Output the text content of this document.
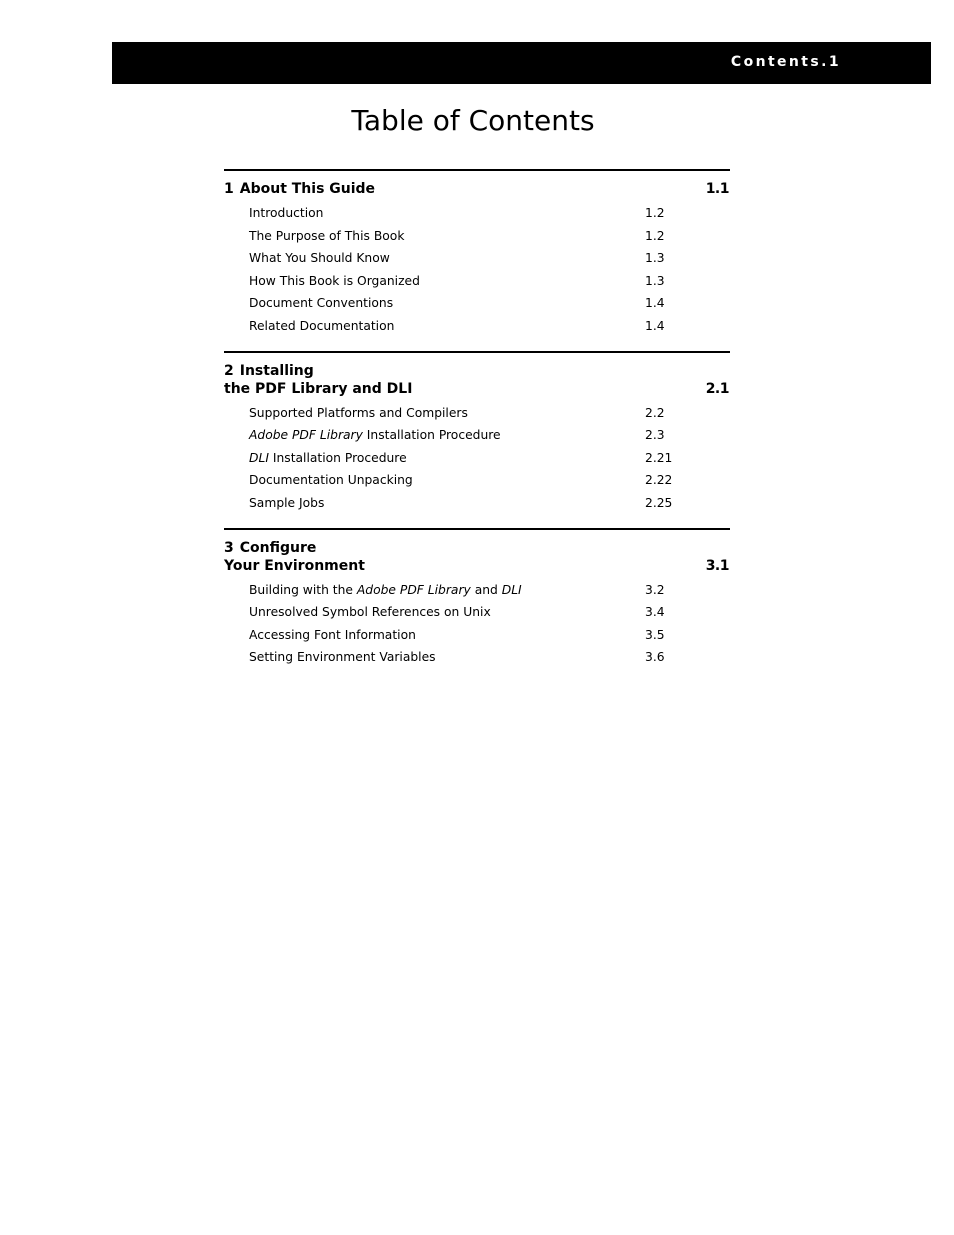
Contents.1
Table of Contents
1 About This Guide	1.1
Introduction	1.2
The Purpose of This Book	1.2
What You Should Know	1.3
How This Book is Organized	1.3
Document Conventions	1.4
Related Documentation	1.4
2 Installing
the PDF Library and DLI	2.1
Supported Platforms and Compilers	2.2
Adobe PDF Library Installation Procedure	2.3
DLI Installation Procedure	2.21
Documentation Unpacking	2.22
Sample Jobs	2.25
3 Configure
Your Environment	3.1
Building with the Adobe PDF Library and DLI	3.2
Unresolved Symbol References on Unix	3.4
Accessing Font Information	3.5
Setting Environment Variables	3.6
